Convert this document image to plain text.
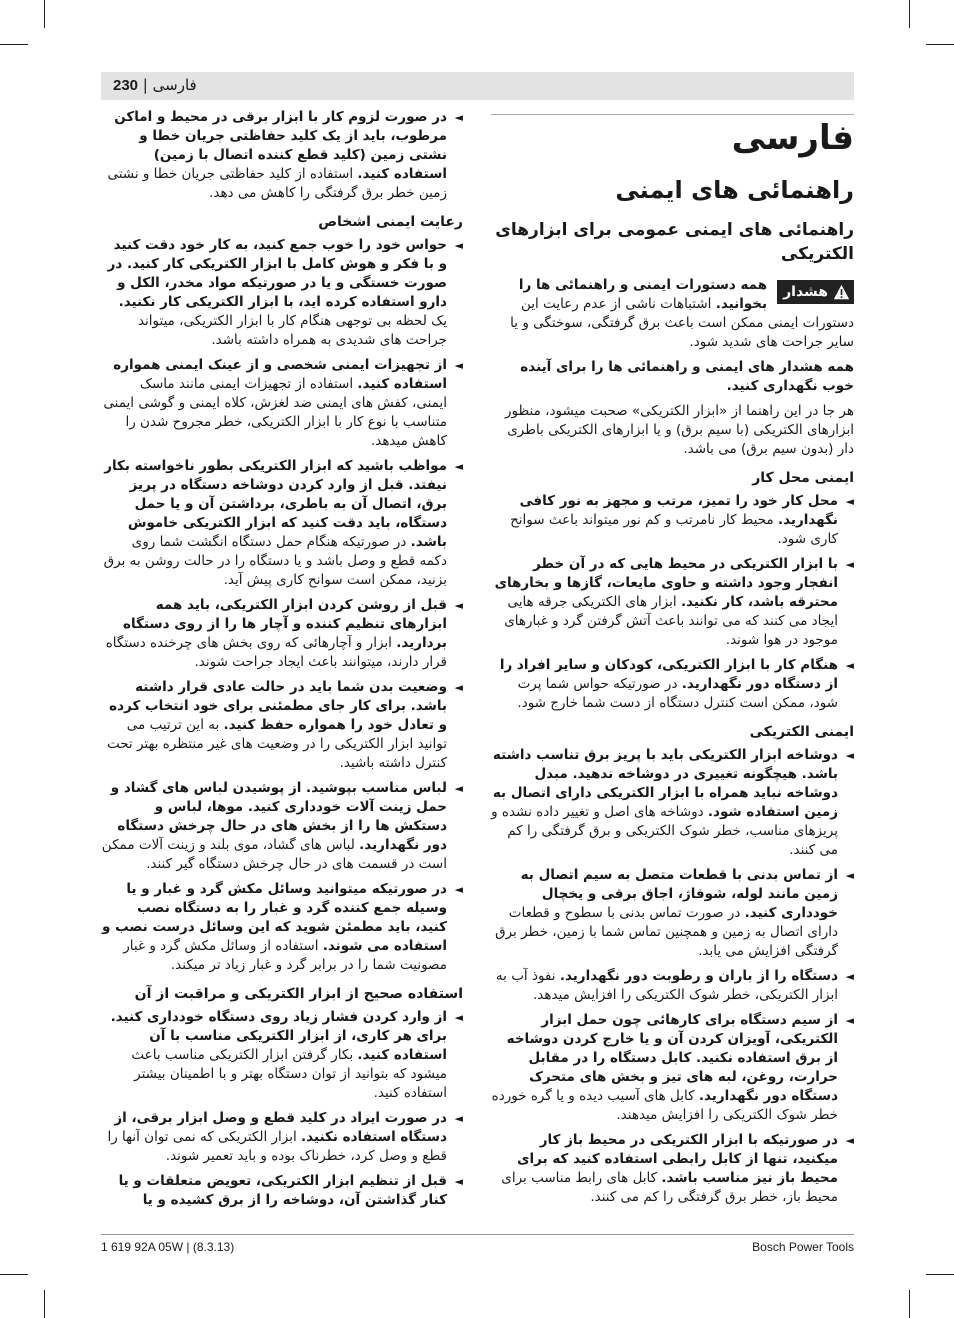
230 | فارسی
فارسی
راهنمائی های ایمنی
راهنمائی های ایمنی عمومی برای ابزارهای الکتریکی
هشدار
همه دستورات ایمنی و راهنمائی ها را بخوانید. اشتباهات ناشی از عدم رعایت این دستورات ایمنی ممکن است باعث برق گرفتگی، سوختگی و یا سایر جراحت های شدید شود.

همه هشدار های ایمنی و راهنمائی ها را برای آینده خوب نگهداری کنید.

هر جا در این راهنما از «ابزار الکتریکی» صحبت میشود، منظور ابزارهای الکتریکی (با سیم برق) و یا ابزارهای الکتریکی باطری دار (بدون سیم برق) می باشد.

ایمنی محل کار
◄
محل کار خود را تمیز، مرتب و مجهز به نور کافی نگهدارید. محیط کار نامرتب و کم نور میتواند باعث سوانح کاری شود.
◄
با ابزار الکتریکی در محیط هایی که در آن خطر انفجار وجود داشته و حاوی مایعات، گازها و بخارهای محترقه باشد، کار نکنید. ابزار های الکتریکی جرقه هایی ایجاد می کنند که می توانند باعث آتش گرفتن گرد و غبارهای موجود در هوا شوند.
◄
هنگام کار با ابزار الکتریکی، کودکان و سایر افراد را از دستگاه دور نگهدارید. در صورتیکه حواس شما پرت شود، ممکن است کنترل دستگاه از دست شما خارج شود.
ایمنی الکتریکی
◄
دوشاخه ابزار الکتریکی باید با پریز برق تناسب داشته باشد. هیچگونه تغییری در دوشاخه ندهید. مبدل دوشاخه نباید همراه با ابزار الکتریکی دارای اتصال به زمین استفاده شود. دوشاخه های اصل و تغییر داده نشده و پریزهای مناسب، خطر شوک الکتریکی و برق گرفتگی را کم می کنند.
◄
از تماس بدنی با قطعات متصل به سیم اتصال به زمین مانند لوله، شوفاژ، اجاق برقی و یخچال خودداری کنید. در صورت تماس بدنی با سطوح و قطعات دارای اتصال به زمین و همچنین تماس شما با زمین، خطر برق گرفتگی افزایش می یابد.
◄
دستگاه را از باران و رطوبت دور نگهدارید. نفوذ آب به ابزار الکتریکی، خطر شوک الکتریکی را افزایش میدهد.
◄
از سیم دستگاه برای کارهائی چون حمل ابزار الکتریکی، آویزان کردن آن و یا خارج کردن دوشاخه از برق استفاده نکنید. کابل دستگاه را در مقابل حرارت، روغن، لبه های تیز و بخش های متحرک دستگاه دور نگهدارید. کابل های آسیب دیده و یا گره خورده خطر شوک الکتریکی را افزایش میدهند.
◄
در صورتیکه با ابزار الکتریکی در محیط باز کار میکنید، تنها از کابل رابطی استفاده کنید که برای محیط باز نیز مناسب باشد. کابل های رابط مناسب برای محیط باز، خطر برق گرفتگی را کم می کنند.
◄
در صورت لزوم کار با ابزار برقی در محیط و اماکن مرطوب، باید از یک کلید حفاظتی جریان خطا و نشتی زمین (کلید قطع کننده اتصال با زمین) استفاده کنید. استفاده از کلید حفاظتی جریان خطا و نشتی زمین خطر برق گرفتگی را کاهش می دهد.
رعایت ایمنی اشخاص
◄
حواس خود را خوب جمع کنید، به کار خود دقت کنید و با فکر و هوش کامل با ابزار الکتریکی کار کنید. در صورت خستگی و یا در صورتیکه مواد مخدر، الکل و دارو استفاده کرده اید، با ابزار الکتریکی کار نکنید. یک لحظه بی توجهی هنگام کار با ابزار الکتریکی، میتواند جراحت های شدیدی به همراه داشته باشد.
◄
از تجهیزات ایمنی شخصی و از عینک ایمنی همواره استفاده کنید. استفاده از تجهیزات ایمنی مانند ماسک ایمنی، کفش های ایمنی ضد لغزش، کلاه ایمنی و گوشی ایمنی متناسب با نوع کار با ابزار الکتریکی، خطر مجروح شدن را کاهش میدهد.
◄
مواظب باشید که ابزار الکتریکی بطور ناخواسته بکار نیفتد. قبل از وارد کردن دوشاخه دستگاه در پریز برق، اتصال آن به باطری، برداشتن آن و یا حمل دستگاه، باید دقت کنید که ابزار الکتریکی خاموش باشد. در صورتیکه هنگام حمل دستگاه انگشت شما روی دکمه قطع و وصل باشد و یا دستگاه را در حالت روشن به برق بزنید، ممکن است سوانح کاری پیش آید.
◄
قبل از روشن کردن ابزار الکتریکی، باید همه ابزارهای تنظیم کننده و آچار ها را از روی دستگاه بردارید. ابزار و آچارهائی که روی بخش های چرخنده دستگاه قرار دارند، میتوانند باعث ایجاد جراحت شوند.
◄
وضعیت بدن شما باید در حالت عادی قرار داشته باشد. برای کار جای مطمئنی برای خود انتخاب کرده و تعادل خود را همواره حفظ کنید. به این ترتیب می توانید ابزار الکتریکی را در وضعیت های غیر منتظره بهتر تحت کنترل داشته باشید.
◄
لباس مناسب بپوشید. از پوشیدن لباس های گشاد و حمل زینت آلات خودداری کنید. موها، لباس و دستکش ها را از بخش های در حال چرخش دستگاه دور نگهدارید. لباس های گشاد، موی بلند و زینت آلات ممکن است در قسمت های در حال چرخش دستگاه گیر کنند.
◄
در صورتیکه میتوانید وسائل مکش گرد و غبار و یا وسیله جمع کننده گرد و غبار را به دستگاه نصب کنید، باید مطمئن شوید که این وسائل درست نصب و استفاده می شوند. استفاده از وسائل مکش گرد و غبار مصونیت شما را در برابر گرد و غبار زیاد تر میکند.
استفاده صحیح از ابزار الکتریکی و مراقبت از آن
◄
از وارد کردن فشار زیاد روی دستگاه خودداری کنید. برای هر کاری، از ابزار الکتریکی مناسب با آن استفاده کنید. بکار گرفتن ابزار الکتریکی مناسب باعث میشود که بتوانید از توان دستگاه بهتر و با اطمینان بیشتر استفاده کنید.
◄
در صورت ایراد در کلید قطع و وصل ابزار برقی، از دستگاه استفاده نکنید. ابزار الکتریکی که نمی توان آنها را قطع و وصل کرد، خطرناک بوده و باید تعمیر شوند.
◄
قبل از تنظیم ابزار الکتریکی، تعویض متعلقات و یا کنار گذاشتن آن، دوشاخه را از برق کشیده و یا
1 619 92A 05W | (8.3.13)	Bosch Power Tools
